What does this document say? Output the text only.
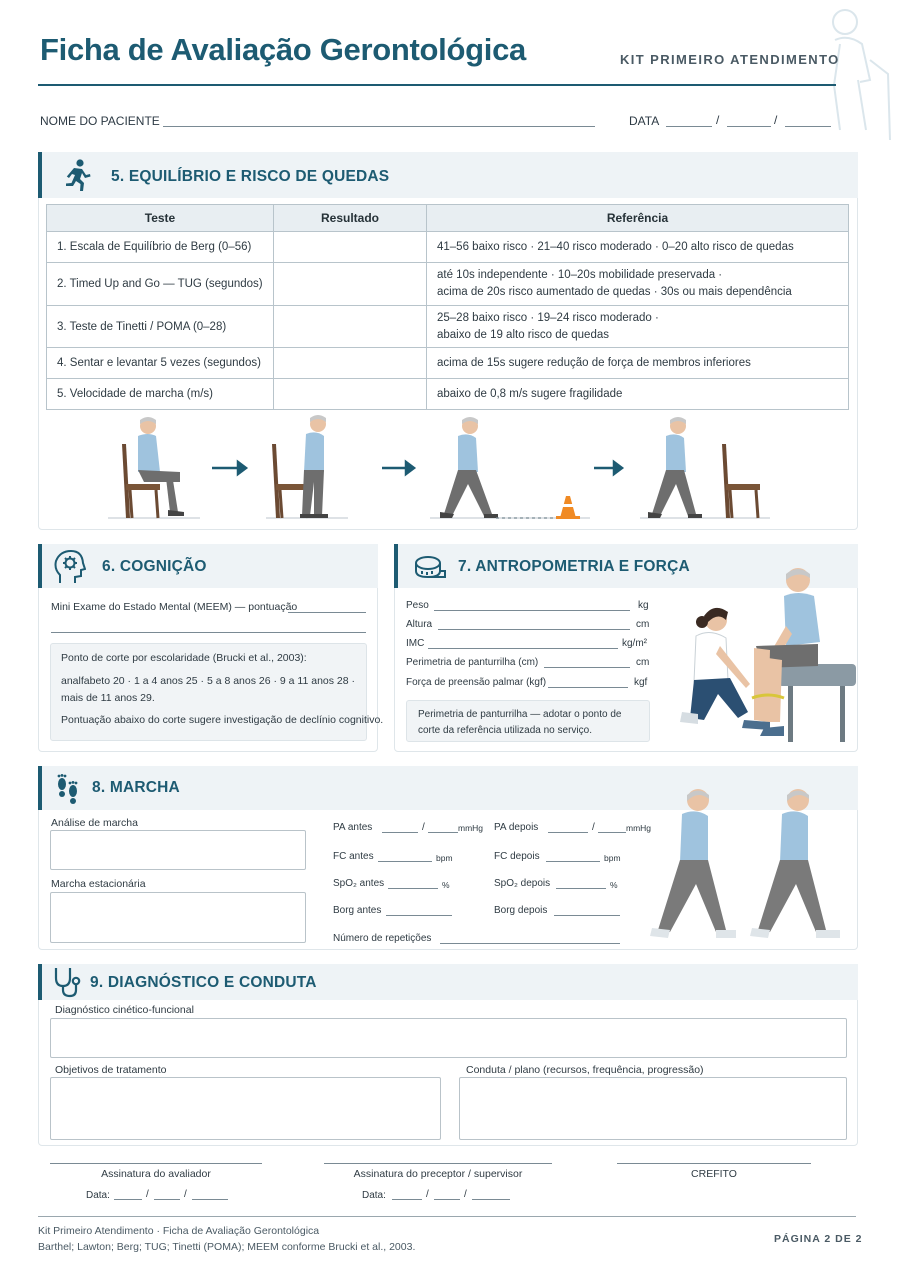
Ficha de Avaliação Gerontológica	KIT PRIMEIRO ATENDIMENTO
NOME DO PACIENTE	DATA	/	/
5. EQUILÍBRIO E RISCO DE QUEDAS
Teste	Resultado	Referência
1. Escala de Equilíbrio de Berg (0–56)		41–56 baixo risco · 21–40 risco moderado · 0–20 alto risco de quedas
2. Timed Up and Go — TUG (segundos)		até 10s independente · 10–20s mobilidade preservada ·
acima de 20s risco aumentado de quedas · 30s ou mais dependência

3. Teste de Tinetti / POMA (0–28)		25–28 baixo risco · 19–24 risco moderado ·
abaixo de 19 alto risco de quedas

4. Sentar e levantar 5 vezes (segundos)		acima de 15s sugere redução de força de membros inferiores
5. Velocidade de marcha (m/s)		abaixo de 0,8 m/s sugere fragilidade
6. COGNIÇÃO
Mini Exame do Estado Mental (MEEM) — pontuação
Ponto de corte por escolaridade (Brucki et al., 2003):
analfabeto 20 · 1 a 4 anos 25 · 5 a 8 anos 26 · 9 a 11 anos 28 ·
mais de 11 anos 29.
Pontuação abaixo do corte sugere investigação de declínio cognitivo.
7. ANTROPOMETRIA E FORÇA
Peso	kg
Altura	cm
IMC	kg/m²
Perimetria de panturrilha (cm)	cm
Força de preensão palmar (kgf)	kgf
Perimetria de panturrilha — adotar o ponto de
corte da referência utilizada no serviço.
8. MARCHA
Análise de marcha
Marcha estacionária
PA antes	/	mmHg PA depois	/	mmHg
FC antes	bpm	FC depois	bpm
SpO₂ antes	%	SpO₂ depois	%
Borg antes	Borg depois
Número de repetições
9. DIAGNÓSTICO E CONDUTA
Diagnóstico cinético-funcional
Objetivos de tratamento	Conduta / plano (recursos, frequência, progressão)
Assinatura do avaliador
Data:	/	/
Assinatura do preceptor / supervisor
Data:	/	/
CREFITO
Kit Primeiro Atendimento · Ficha de Avaliação Gerontológica
Barthel; Lawton; Berg; TUG; Tinetti (POMA); MEEM conforme Brucki et al., 2003.
PÁGINA 2 DE 2
